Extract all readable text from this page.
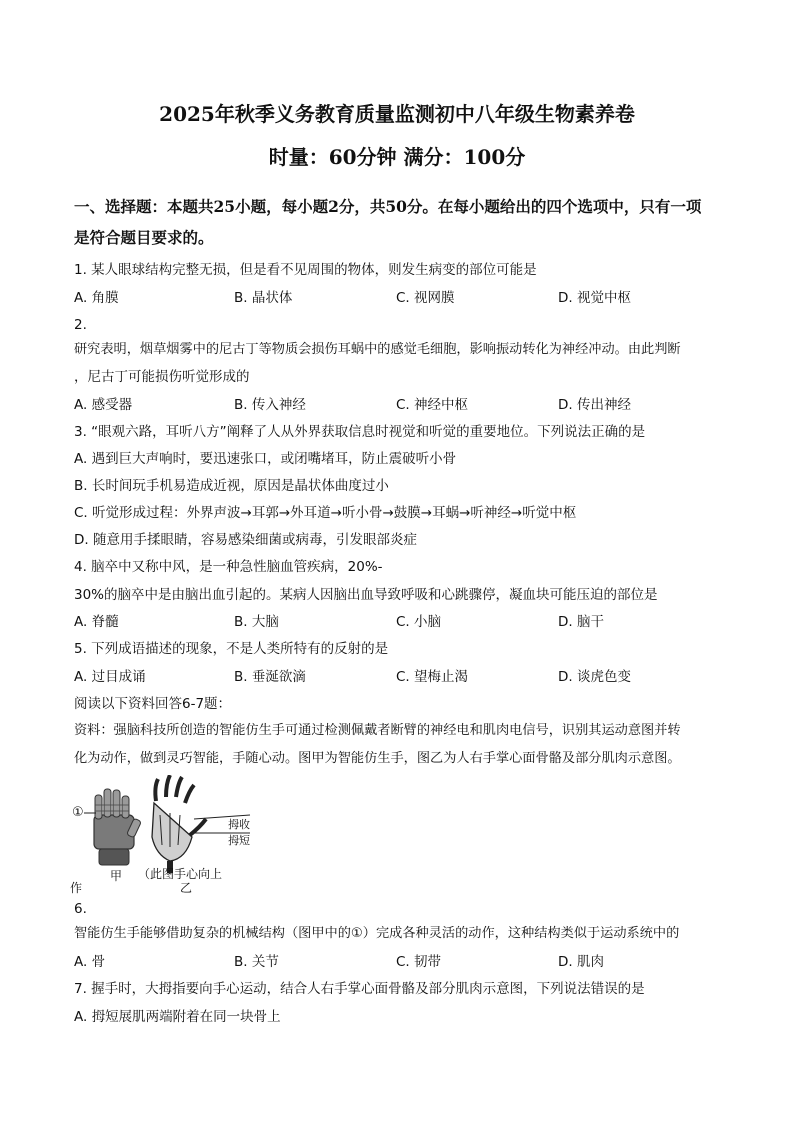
2025年秋季义务教育质量监测初中八年级生物素养卷
时量：60分钟 满分：100分
一、选择题：本题共25小题，每小题2分，共50分。在每小题给出的四个选项中，只有一项
是符合题目要求的。
1. 某人眼球结构完整无损，但是看不见周围的物体，则发生病变的部位可能是
A. 角膜	B. 晶状体	C. 视网膜	D. 视觉中枢
2.
研究表明，烟草烟雾中的尼古丁等物质会损伤耳蜗中的感觉毛细胞，影响振动转化为神经冲动。由此判断
，尼古丁可能损伤听觉形成的
A. 感受器	B. 传入神经	C. 神经中枢	D. 传出神经
3. “眼观六路，耳听八方”阐释了人从外界获取信息时视觉和听觉的重要地位。下列说法正确的是
A. 遇到巨大声响时，要迅速张口，或闭嘴堵耳，防止震破听小骨
B. 长时间玩手机易造成近视，原因是晶状体曲度过小
C. 听觉形成过程：外界声波→耳郭→外耳道→听小骨→鼓膜→耳蜗→听神经→听觉中枢
D. 随意用手揉眼睛，容易感染细菌或病毒，引发眼部炎症
4. 脑卒中又称中风，是一种急性脑血管疾病，20%-
30%的脑卒中是由脑出血引起的。某病人因脑出血导致呼吸和心跳骤停，凝血块可能压迫的部位是
A. 脊髓	B. 大脑	C. 小脑	D. 脑干
5. 下列成语描述的现象，不是人类所特有的反射的是
A. 过目成诵	B. 垂涎欲滴	C. 望梅止渴	D. 谈虎色变
阅读以下资料回答6-7题：
资料：强脑科技所创造的智能仿生手可通过检测佩戴者断臂的神经电和肌肉电信号，识别其运动意图并转
化为动作，做到灵巧智能，手随心动。图甲为智能仿生手，图乙为人右手掌心面骨骼及部分肌肉示意图。
①
拇收
拇短
（此图手心向上
甲
乙
作
6.
智能仿生手能够借助复杂的机械结构（图甲中的①）完成各种灵活的动作，这种结构类似于运动系统中的
A. 骨	B. 关节	C. 韧带	D. 肌肉
7. 握手时，大拇指要向手心运动，结合人右手掌心面骨骼及部分肌肉示意图，下列说法错误的是
A. 拇短展肌两端附着在同一块骨上
